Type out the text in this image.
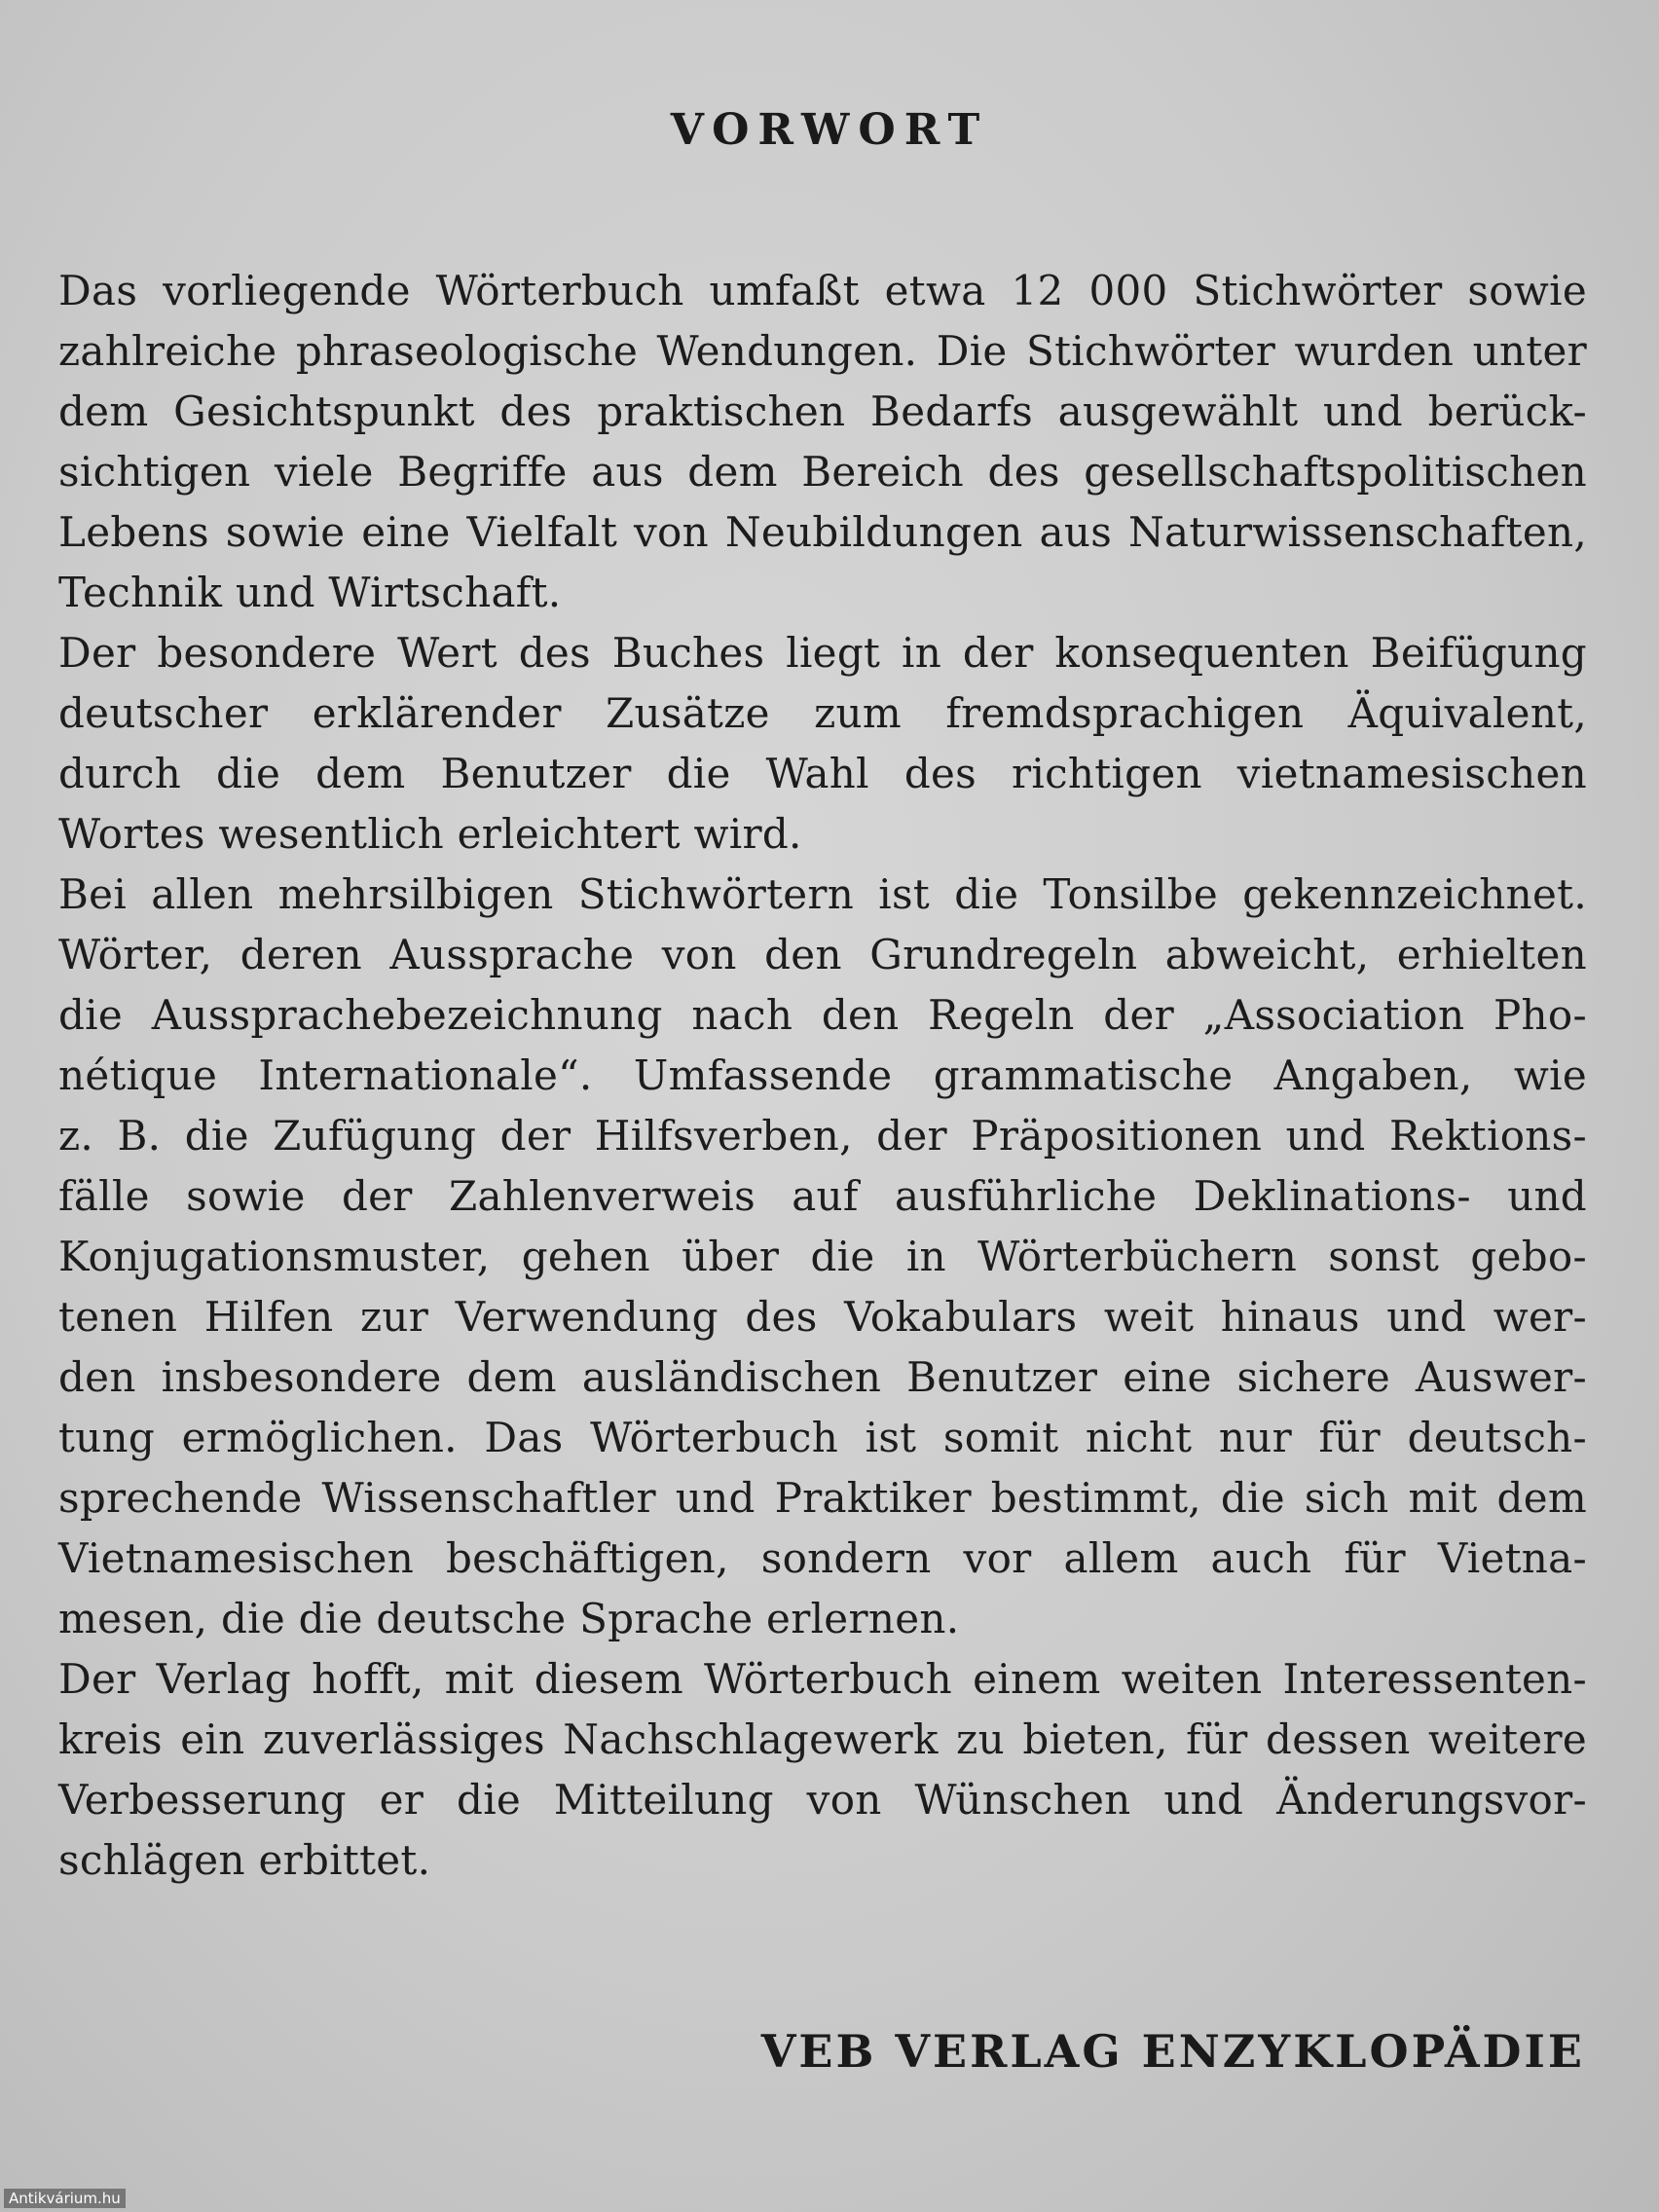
VORWORT
Das vorliegende Wörterbuch umfaßt etwa 12 000 Stichwörter sowie
zahlreiche phraseologische Wendungen. Die Stichwörter wurden unter
dem Gesichtspunkt des praktischen Bedarfs ausgewählt und berück-
sichtigen viele Begriffe aus dem Bereich des gesellschaftspolitischen
Lebens sowie eine Vielfalt von Neubildungen aus Naturwissenschaften,
Technik und Wirtschaft.
Der besondere Wert des Buches liegt in der konsequenten Beifügung
deutscher erklärender Zusätze zum fremdsprachigen Äquivalent,
durch die dem Benutzer die Wahl des richtigen vietnamesischen
Wortes wesentlich erleichtert wird.
Bei allen mehrsilbigen Stichwörtern ist die Tonsilbe gekennzeichnet.
Wörter, deren Aussprache von den Grundregeln abweicht, erhielten
die Aussprachebezeichnung nach den Regeln der „Association Pho-
nétique Internationale“. Umfassende grammatische Angaben, wie
z. B. die Zufügung der Hilfsverben, der Präpositionen und Rektions-
fälle sowie der Zahlenverweis auf ausführliche Deklinations- und
Konjugationsmuster, gehen über die in Wörterbüchern sonst gebo-
tenen Hilfen zur Verwendung des Vokabulars weit hinaus und wer-
den insbesondere dem ausländischen Benutzer eine sichere Auswer-
tung ermöglichen. Das Wörterbuch ist somit nicht nur für deutsch-
sprechende Wissenschaftler und Praktiker bestimmt, die sich mit dem
Vietnamesischen beschäftigen, sondern vor allem auch für Vietna-
mesen, die die deutsche Sprache erlernen.
Der Verlag hofft, mit diesem Wörterbuch einem weiten Interessenten-
kreis ein zuverlässiges Nachschlagewerk zu bieten, für dessen weitere
Verbesserung er die Mitteilung von Wünschen und Änderungsvor-
schlägen erbittet.
VEB VERLAG ENZYKLOPÄDIE
Antikvárium.hu
